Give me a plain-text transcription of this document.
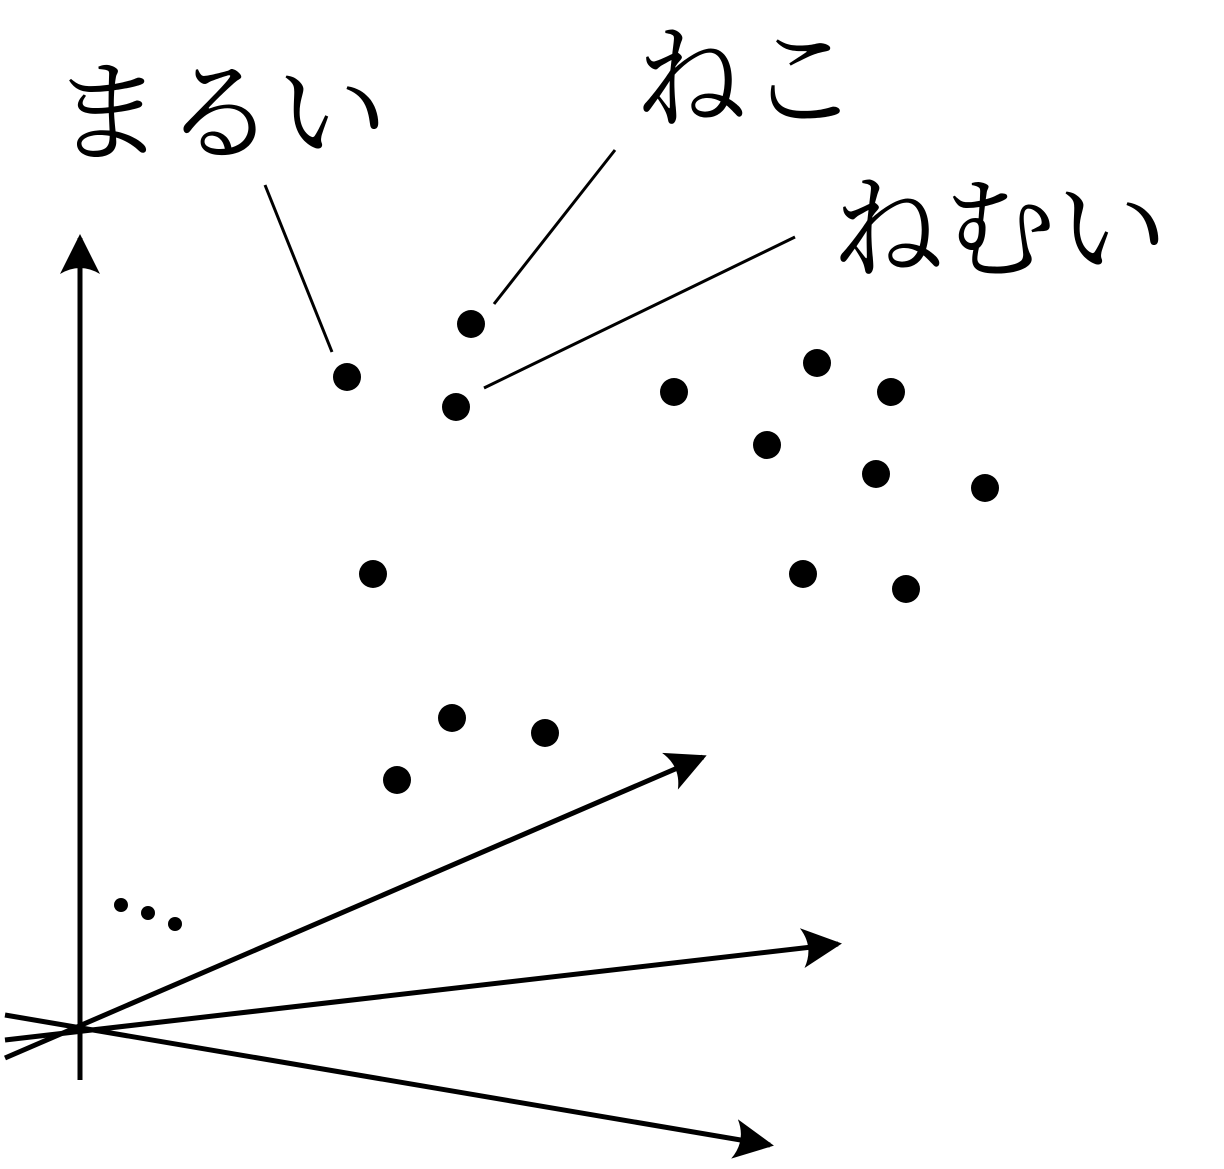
まるい ねこ
ねむい
